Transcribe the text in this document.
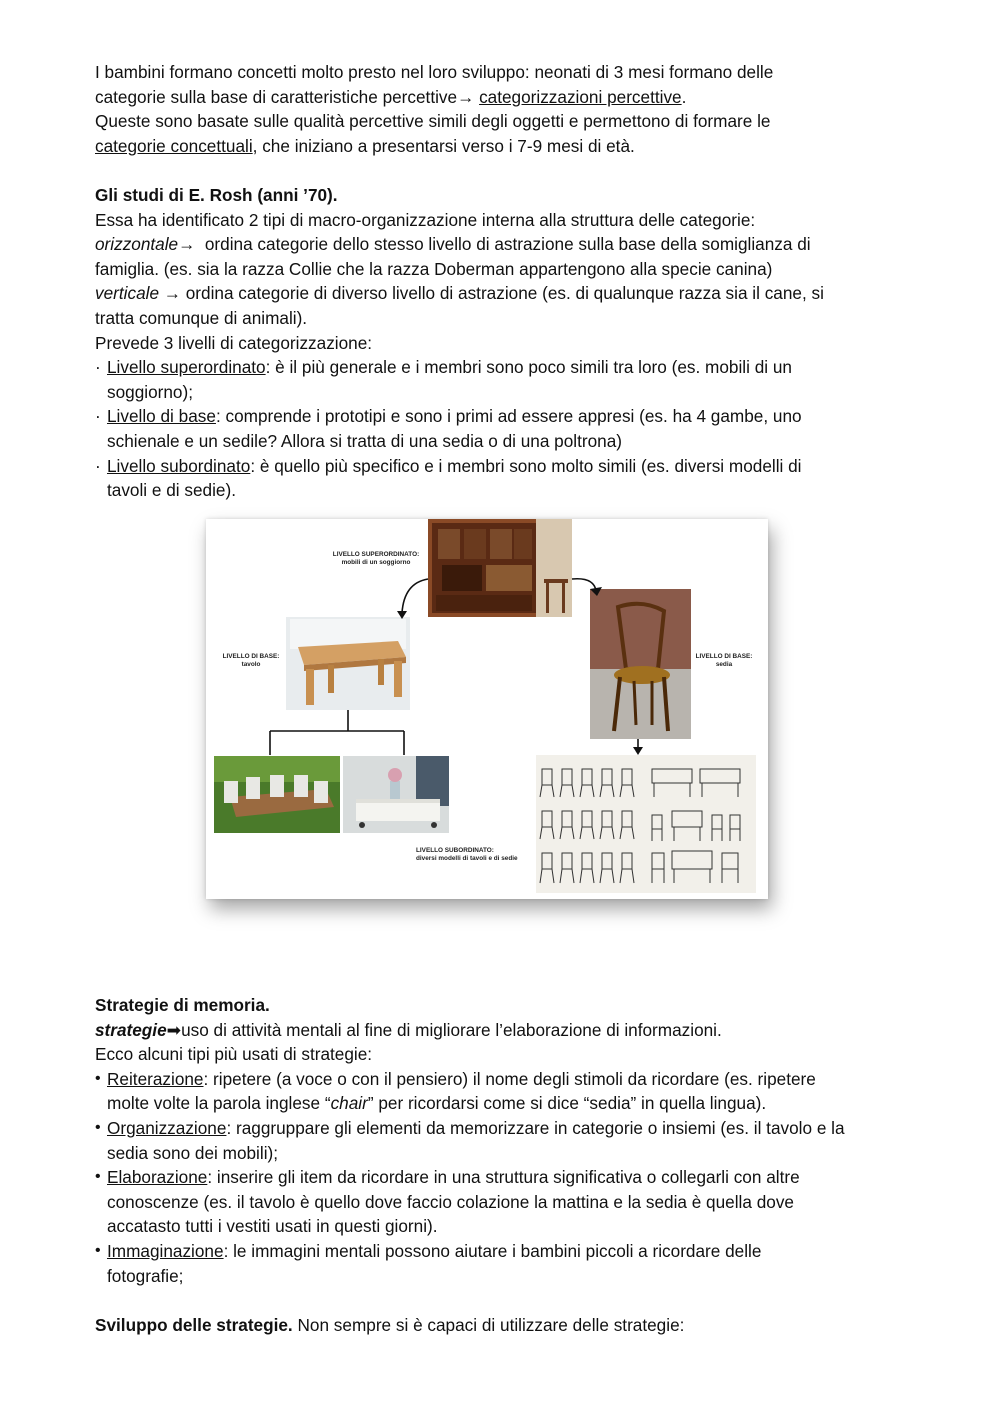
I bambini formano concetti molto presto nel loro sviluppo: neonati di 3 mesi formano delle
categorie sulla base di caratteristiche percettive→ categorizzazioni percettive.
Queste sono basate sulle qualità percettive simili degli oggetti e permettono di formare le
categorie concettuali, che iniziano a presentarsi verso i 7-9 mesi di età.

Gli studi di E. Rosh (anni ’70).

Essa ha identificato 2 tipi di macro-organizzazione interna alla struttura delle categorie:
orizzontale→  ordina categorie dello stesso livello di astrazione sulla base della somiglianza di
famiglia. (es. sia la razza Collie che la razza Doberman appartengono alla specie canina)
verticale → ordina categorie di diverso livello di astrazione (es. di qualunque razza sia il cane, si
tratta comunque di animali).
Prevede 3 livelli di categorizzazione:

· Livello superordinato: è il più generale e i membri sono poco simili tra loro (es. mobili di un
soggiorno);
· Livello di base: comprende i prototipi e sono i primi ad essere appresi (es. ha 4 gambe, uno
schienale e un sedile? Allora si tratta di una sedia o di una poltrona)
· Livello subordinato: è quello più specifico e i membri sono molto simili (es. diversi modelli di
tavoli e di sedie).
LIVELLO SUPERORDINATO:
mobili di un soggiorno
LIVELLO DI BASE:
tavolo
LIVELLO DI BASE:
sedia
LIVELLO SUBORDINATO:
diversi modelli di tavoli e di sedie

Strategie di memoria.

strategie➡uso di attività mentali al fine di migliorare l’elaborazione di informazioni.

Ecco alcuni tipi più usati di strategie:

• Reiterazione: ripetere (a voce o con il pensiero) il nome degli stimoli da ricordare (es. ripetere
molte volte la parola inglese “chair” per ricordarsi come si dice “sedia” in quella lingua).
• Organizzazione: raggruppare gli elementi da memorizzare in categorie o insiemi (es. il tavolo e la
sedia sono dei mobili);
• Elaborazione: inserire gli item da ricordare in una struttura significativa o collegarli con altre
conoscenze (es. il tavolo è quello dove faccio colazione la mattina e la sedia è quella dove
accatasto tutti i vestiti usati in questi giorni).
• Immaginazione: le immagini mentali possono aiutare i bambini piccoli a ricordare delle
fotografie;

Sviluppo delle strategie. Non sempre si è capaci di utilizzare delle strategie:
